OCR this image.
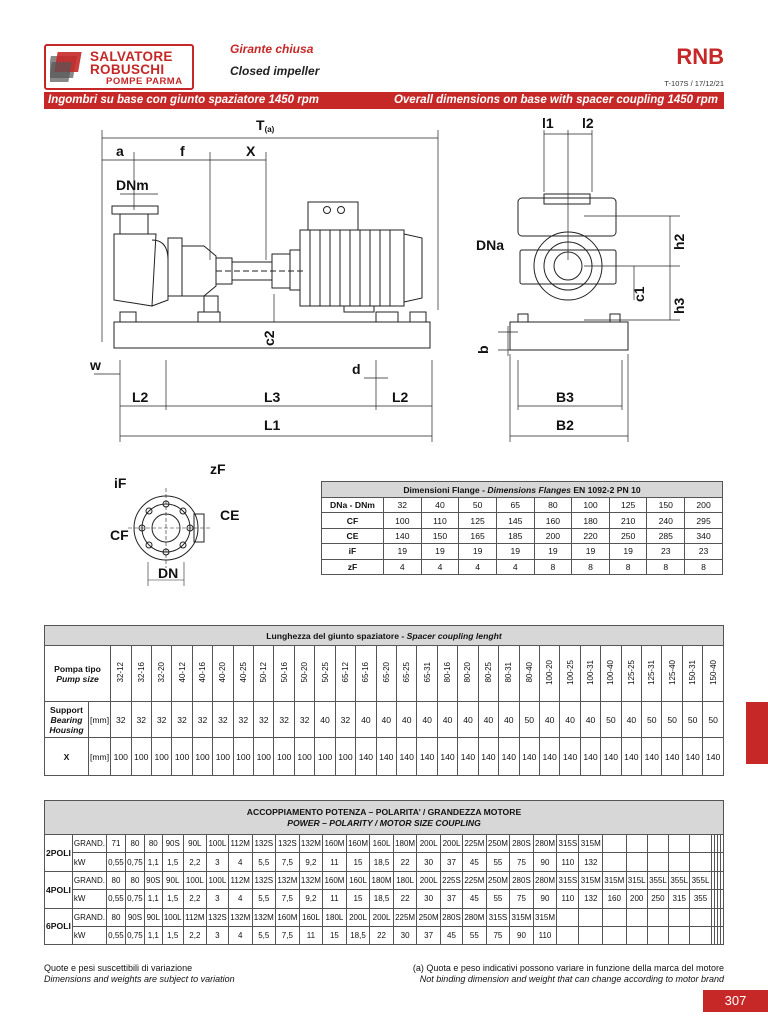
SALVATORE
ROBUSCHI
POMPE PARMA
Girante chiusa
Closed impeller
RNB
T-107S / 17/12/21
Ingombri su base con giunto spaziatore 1450 rpm	Overall dimensions on base with spacer coupling 1450 rpm
T(a)
a	f	X
DNm
c2
w	d
L2	L3	L2
L1
l1 l2
DNa	h2
c1
h3
b
B3
B2
iF
zF
CF
CE
DN
Dimensioni Flange - Dimensions Flanges EN 1092-2 PN 10									
DNa - DNm	32	40	50	65	80	100	125	150	200
CF	100	110	125	145	160	180	210	240	295
CE	140	150	165	185	200	220	250	285	340
iF	19	19	19	19	19	19	19	23	23
zF	4	4	4	4	8	8	8	8	8
Lunghezza del giunto spaziatore - Spacer coupling lenght																															

Pompa tipo
Pump size		32-12	32-16	32-20	40-12	40-16	40-20	40-25	50-12	50-16	50-20	50-25	65-12	65-16	65-20	65-25	65-31	80-16	80-20	80-25	80-31	80-40	100-20	100-25	100-31	100-40	125-25	125-31	125-40	150-31	150-40

Support
Bearing
Housing	[mm]	32	32	32	32	32	32	32	32	32	32	40	32	40	40	40	40	40	40	40	40	50	40	40	40	50	40	50	50	50	50
X	[mm]	100	100	100	100	100	100	100	100	100	100	100	100	140	140	140	140	140	140	140	140	140	140	140	140	140	140	140	140	140	140
ACCOPPIAMENTO POTENZA – POLARITA’ / GRANDEZZA MOTORE
POWER – POLARITY / MOTOR SIZE COUPLING																																

2POLI	GRAND.	71	80	80	90S	90L	100L	112M	132S	132S	132M	160M	160M	160L	180M	200L	200L	225M	250M	280S	280M	315S	315M									
	kW	0,55	0,75	1,1	1,5	2,2	3	4	5,5	7,5	9,2	11	15	18,5	22	30	37	45	55	75	90	110	132									
4POLI	GRAND.	80	80	90S	90L	100L	100L	112M	132S	132M	132M	160M	160L	180M	180L	200L	225S	225M	250M	280S	280M	315S	315M	315M	315L	355L	355L	355L				
	kW	0,55	0,75	1,1	1,5	2,2	3	4	5,5	7,5	9,2	11	15	18,5	22	30	37	45	55	75	90	110	132	160	200	250	315	355				
6POLI	GRAND.	80	90S	90L	100L	112M	132S	132M	132M	160M	160L	180L	200L	200L	225M	250M	280S	280M	315S	315M	315M											
	kW	0,55	0,75	1,1	1,5	2,2	3	4	5,5	7,5	11	15	18,5	22	30	37	45	55	75	90	110											
Quote e pesi suscettibili di variazione
Dimensions and weights are subject to variation
(a) Quota e peso indicativi possono variare in funzione della marca del motore
Not binding dimension and weight that can change according to motor brand
307
